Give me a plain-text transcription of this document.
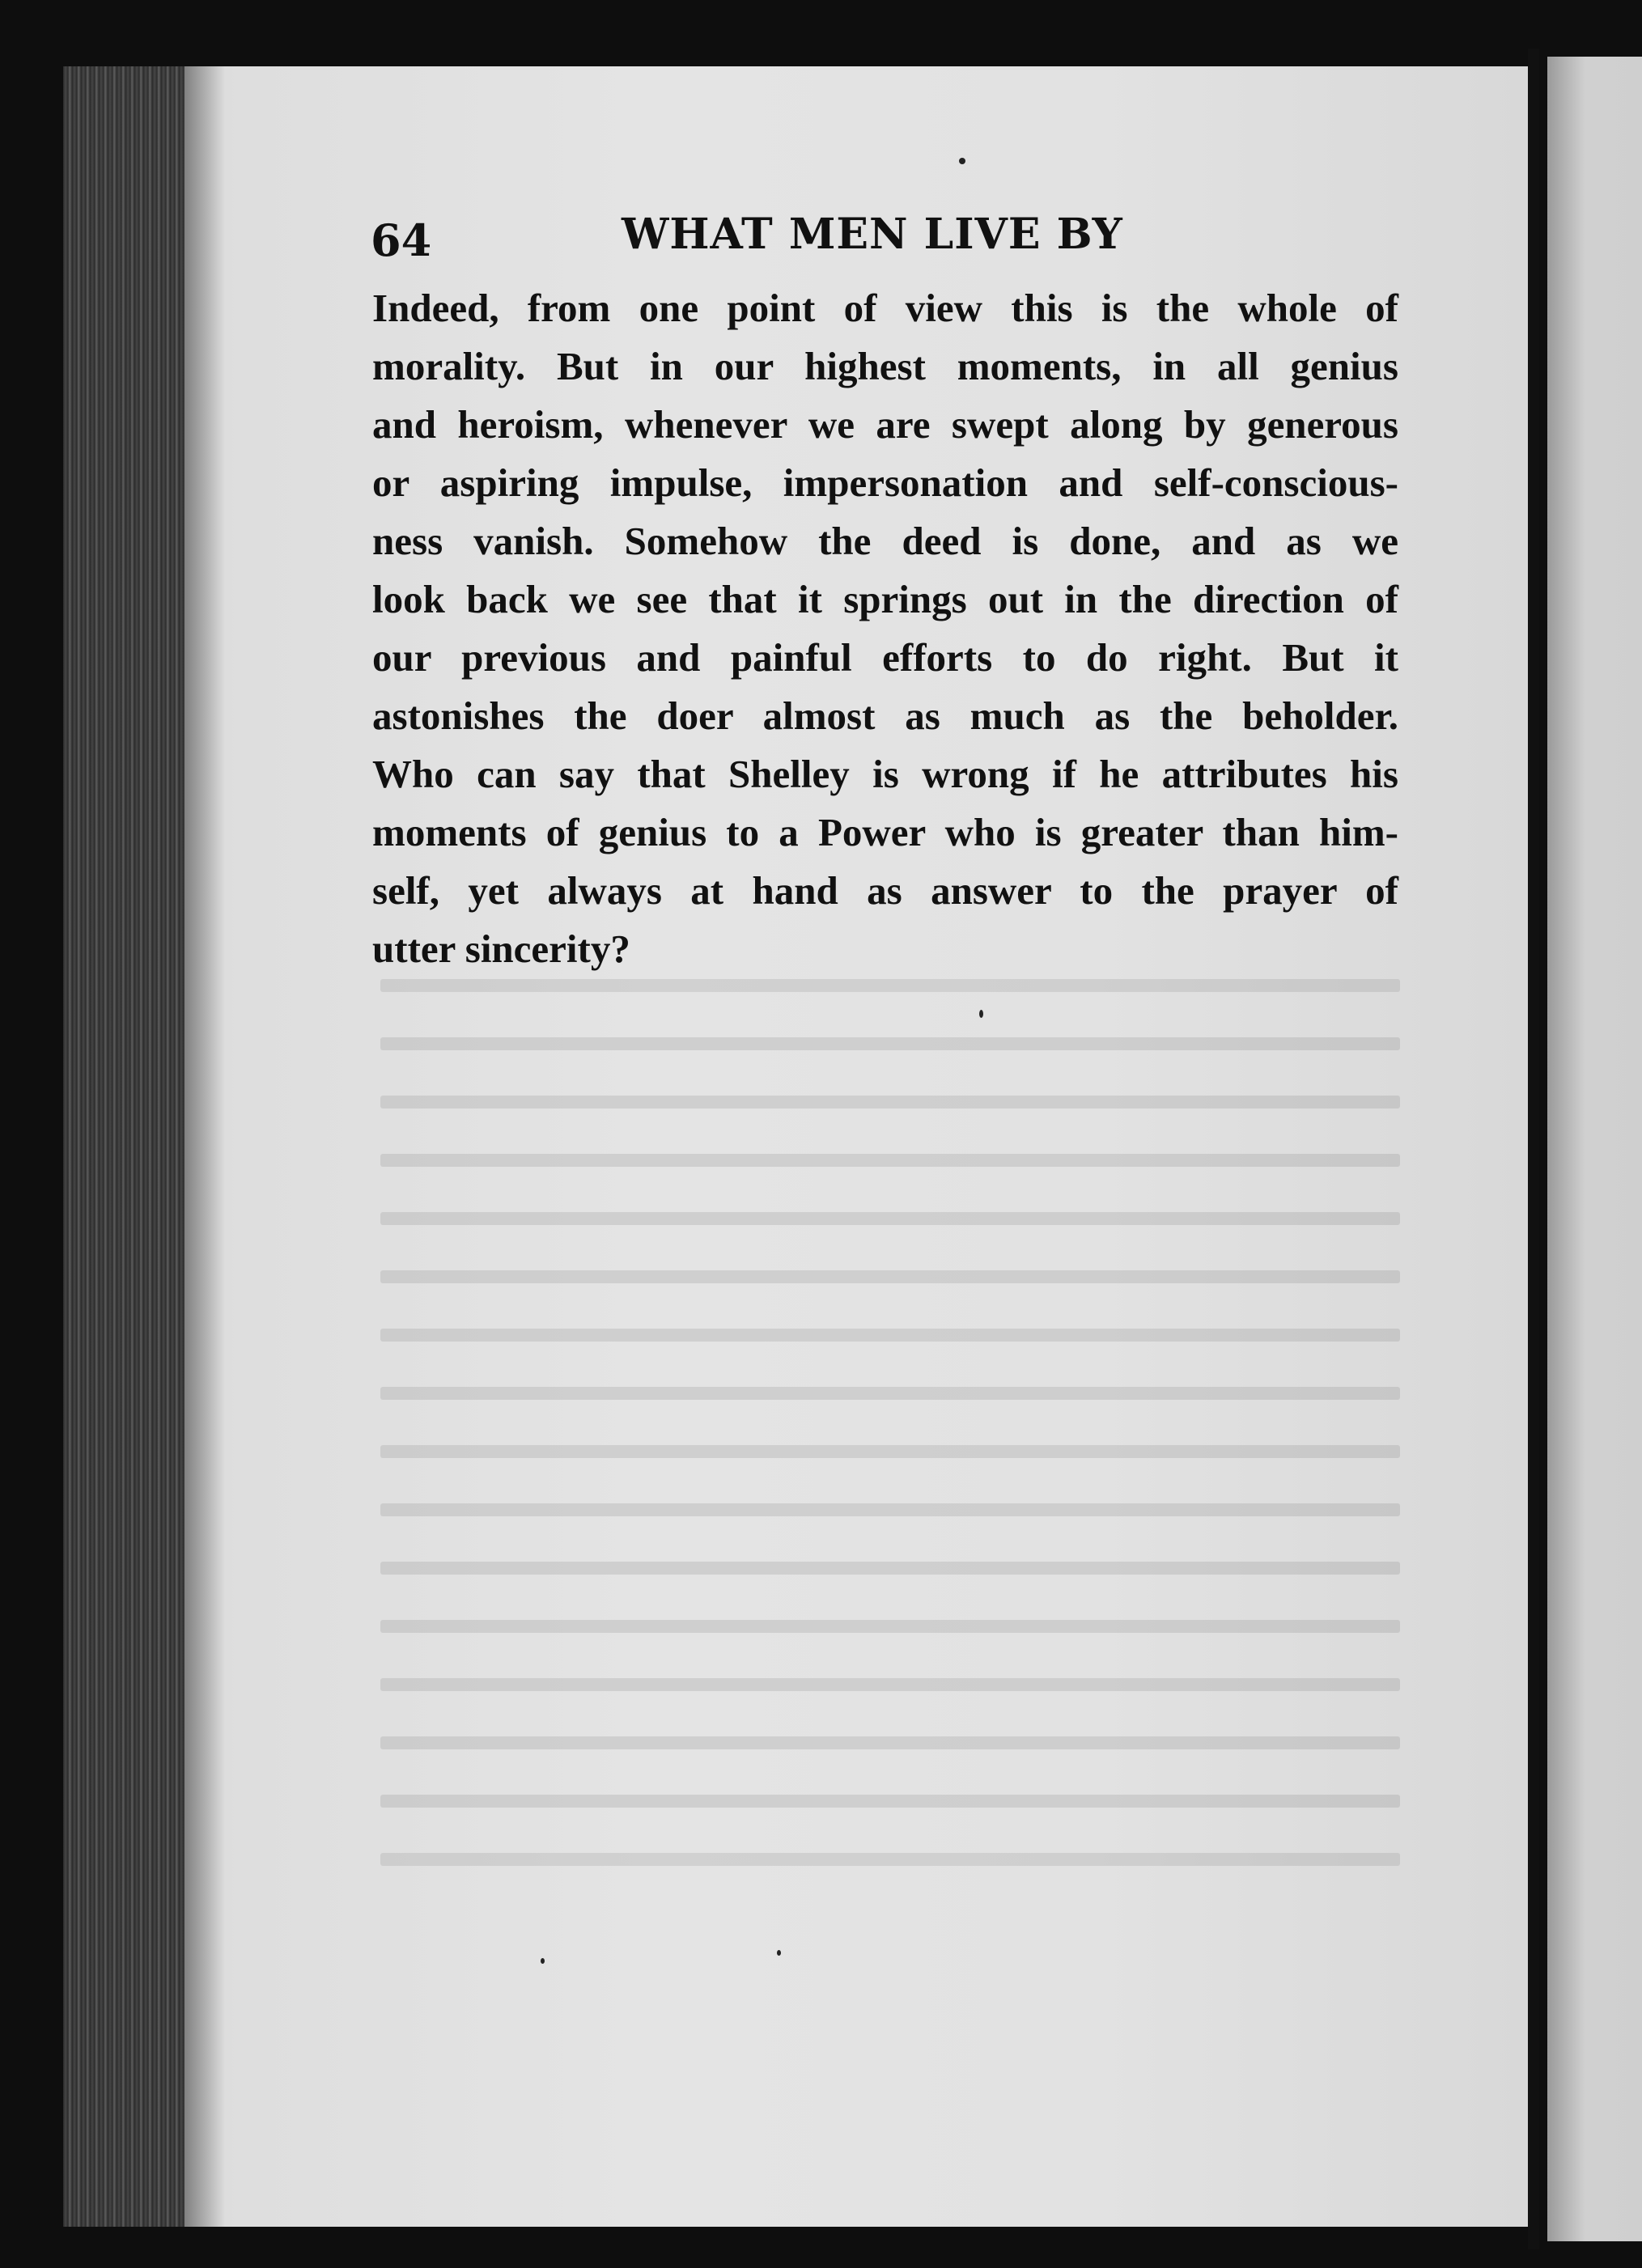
64	WHAT MEN LIVE BY
Indeed, from one point of view this is the whole of
morality. But in our highest moments, in all genius
and heroism, whenever we are swept along by generous
or aspiring impulse, impersonation and self-conscious-
ness vanish. Somehow the deed is done, and as we
look back we see that it springs out in the direction of
our previous and painful efforts to do right. But it
astonishes the doer almost as much as the beholder.
Who can say that Shelley is wrong if he attributes his
moments of genius to a Power who is greater than him-
self, yet always at hand as answer to the prayer of
utter sincerity?
